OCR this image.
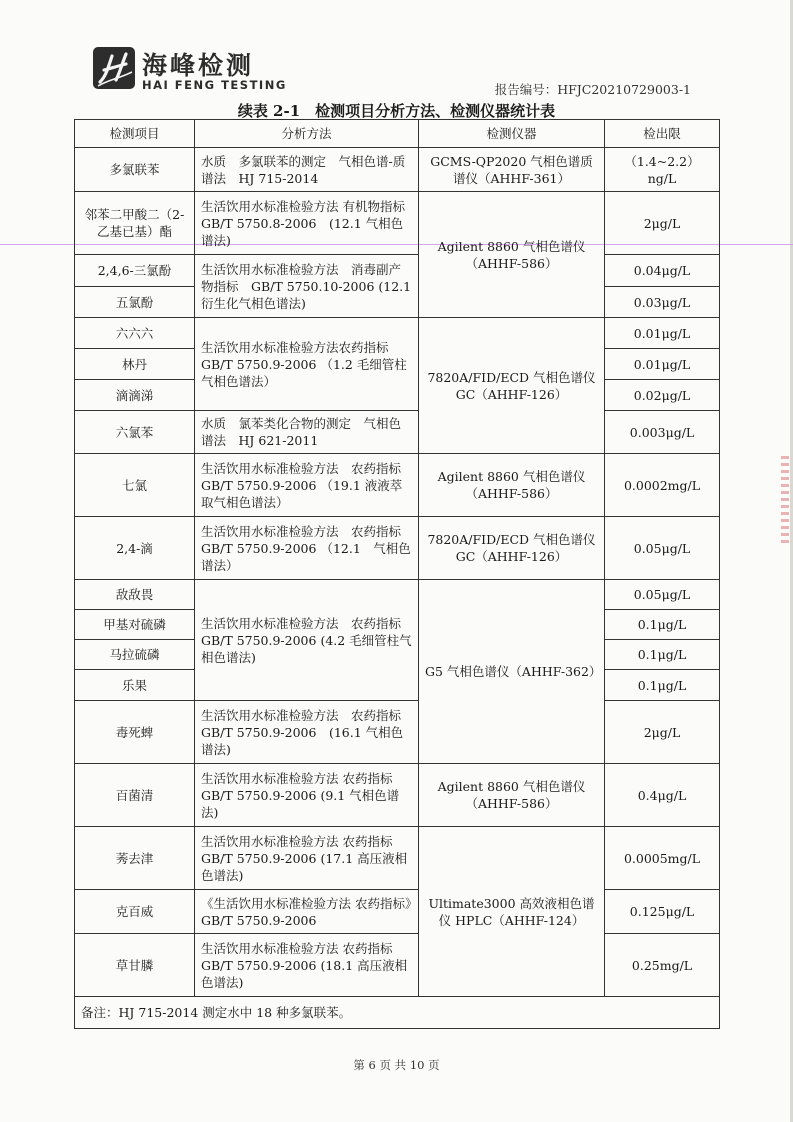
海峰检测
HAI FENG TESTING	报告编号：HFJC20210729003-1
续表 2-1　检测项目分析方法、检测仪器统计表
检测项目	分析方法	检测仪器	检出限
多氯联苯	水质　多氯联苯的测定　气相色谱-质谱法　HJ 715-2014	GCMS-QP2020 气相色谱质谱仪（AHHF-361）	（1.4~2.2）ng/L
邻苯二甲酸二（2-乙基已基）酯	生活饮用水标准检验方法 有机物指标　GB/T 5750.8-2006　(12.1 气相色谱法)	Agilent 8860 气相色谱仪（AHHF-586）	2μg/L
2,4,6-三氯酚	生活饮用水标准检验方法　消毒副产物指标　GB/T 5750.10-2006 (12.1 衍生化气相色谱法)		0.04μg/L
五氯酚			0.03μg/L
六六六	生活饮用水标准检验方法农药指标　GB/T 5750.9-2006 （1.2 毛细管柱气相色谱法）	7820A/FID/ECD 气相色谱仪 GC（AHHF-126）	0.01μg/L
林丹			0.01μg/L
滴滴涕			0.02μg/L
六氯苯	水质　氯苯类化合物的测定　气相色谱法　HJ 621-2011		0.003μg/L
七氯	生活饮用水标准检验方法　农药指标　GB/T 5750.9-2006 （19.1 液液萃取气相色谱法）	Agilent 8860 气相色谱仪（AHHF-586）	0.0002mg/L
2,4-滴	生活饮用水标准检验方法　农药指标　GB/T 5750.9-2006 （12.1　气相色谱法）	7820A/FID/ECD 气相色谱仪 GC（AHHF-126）	0.05μg/L
敌敌畏	生活饮用水标准检验方法　农药指标 GB/T 5750.9-2006 (4.2 毛细管柱气相色谱法)	G5 气相色谱仪（AHHF-362）	0.05μg/L
甲基对硫磷			0.1μg/L
马拉硫磷			0.1μg/L
乐果			0.1μg/L
毒死蜱	生活饮用水标准检验方法　农药指标　GB/T 5750.9-2006　(16.1 气相色谱法)		2μg/L
百菌清	生活饮用水标准检验方法 农药指标 GB/T 5750.9-2006 (9.1 气相色谱法)	Agilent 8860 气相色谱仪（AHHF-586）	0.4μg/L
莠去津	生活饮用水标准检验方法 农药指标 GB/T 5750.9-2006 (17.1 高压液相色谱法)	Ultimate3000 高效液相色谱仪 HPLC（AHHF-124）	0.0005mg/L
克百威	《生活饮用水标准检验方法 农药指标》GB/T 5750.9-2006		0.125μg/L
草甘膦	生活饮用水标准检验方法 农药指标 GB/T 5750.9-2006 (18.1 高压液相色谱法)		0.25mg/L
备注：HJ 715-2014 测定水中 18 种多氯联苯。			
第 6 页 共 10 页
